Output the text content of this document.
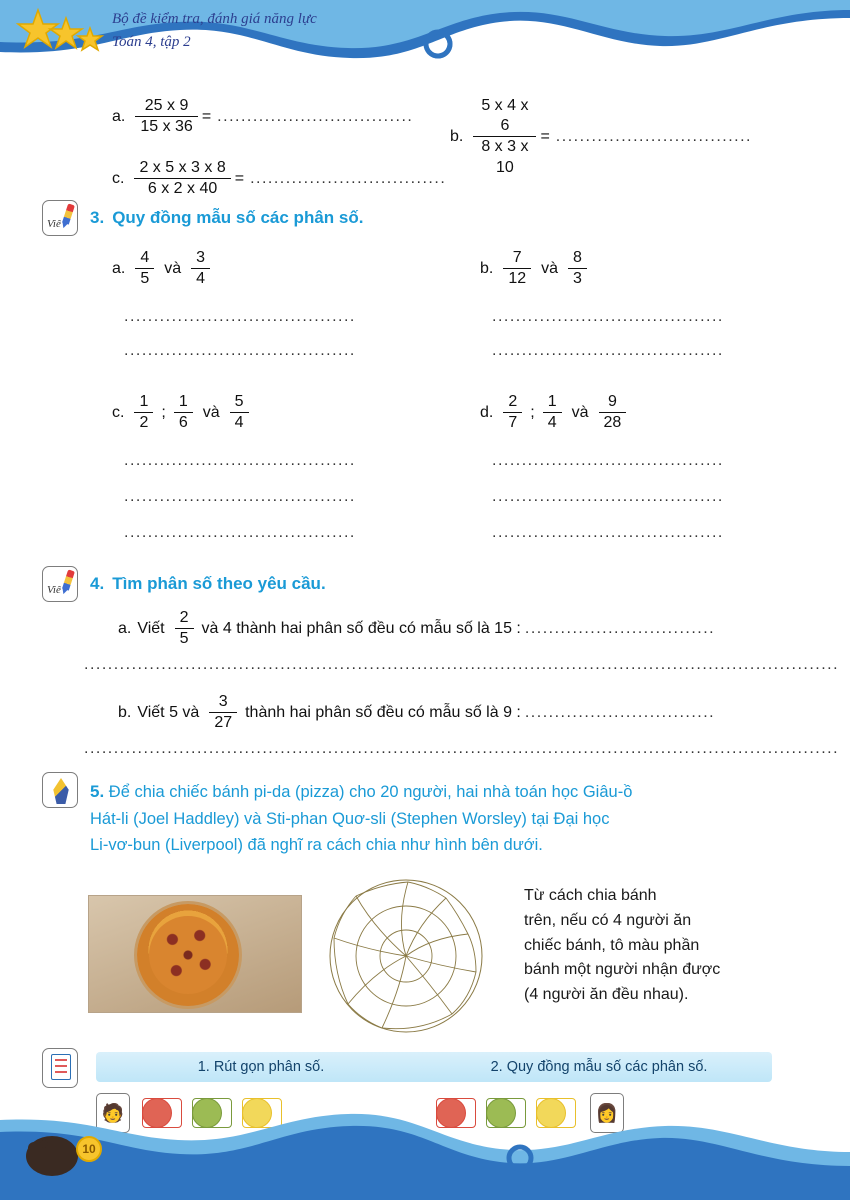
Bộ đề kiểm tra, đánh giá năng lực
Toán 4, tập 2
a. $\frac{25 x 9}{15 x 36}$ = .................................
b. $\frac{5 x 4 x 6}{8 x 3 x 10}$ = .................................
c. $\frac{2 x 5 x 3 x 8}{6 x 2 x 40}$ = .................................
Viê 3. Quy đồng mẫu số các phân số.
a. $\frac{4}{5}$ và $\frac{3}{4}$	b. $\frac{7}{12}$ và $\frac{8}{3}$
.......................................
.......................................
.......................................
.......................................
c. $\frac{1}{2}$ ; $\frac{1}{6}$ và $\frac{5}{4}$	d. $\frac{2}{7}$ ; $\frac{1}{4}$ và $\frac{9}{28}$
.......................................
.......................................
.......................................
.......................................
.......................................
.......................................
Viê 4. Tìm phân số theo yêu cầu.
a. Viết $\frac{2}{5}$ và 4 thành hai phân số đều có mẫu số là 15 : ................................
...............................................................................................................................
b. Viết 5 và $\frac{3}{27}$ thành hai phân số đều có mẫu số là 9 : ................................
...............................................................................................................................
5. Để chia chiếc bánh pi-da (pizza) cho 20 người, hai nhà toán học Giâu-ồ
Hát-li (Joel Haddley) và Sti-phan Quơ-sli (Stephen Worsley) tại Đại học
Li-vơ-bun (Liverpool) đã nghĩ ra cách chia như hình bên dưới.
Từ cách chia bánh
trên, nếu có 4 người ăn
chiếc bánh, tô màu phần
bánh một người nhận được
(4 người ăn đều nhau).
1. Rút gọn phân số.	2. Quy đồng mẫu số các phân số.
🧑	👩
10
